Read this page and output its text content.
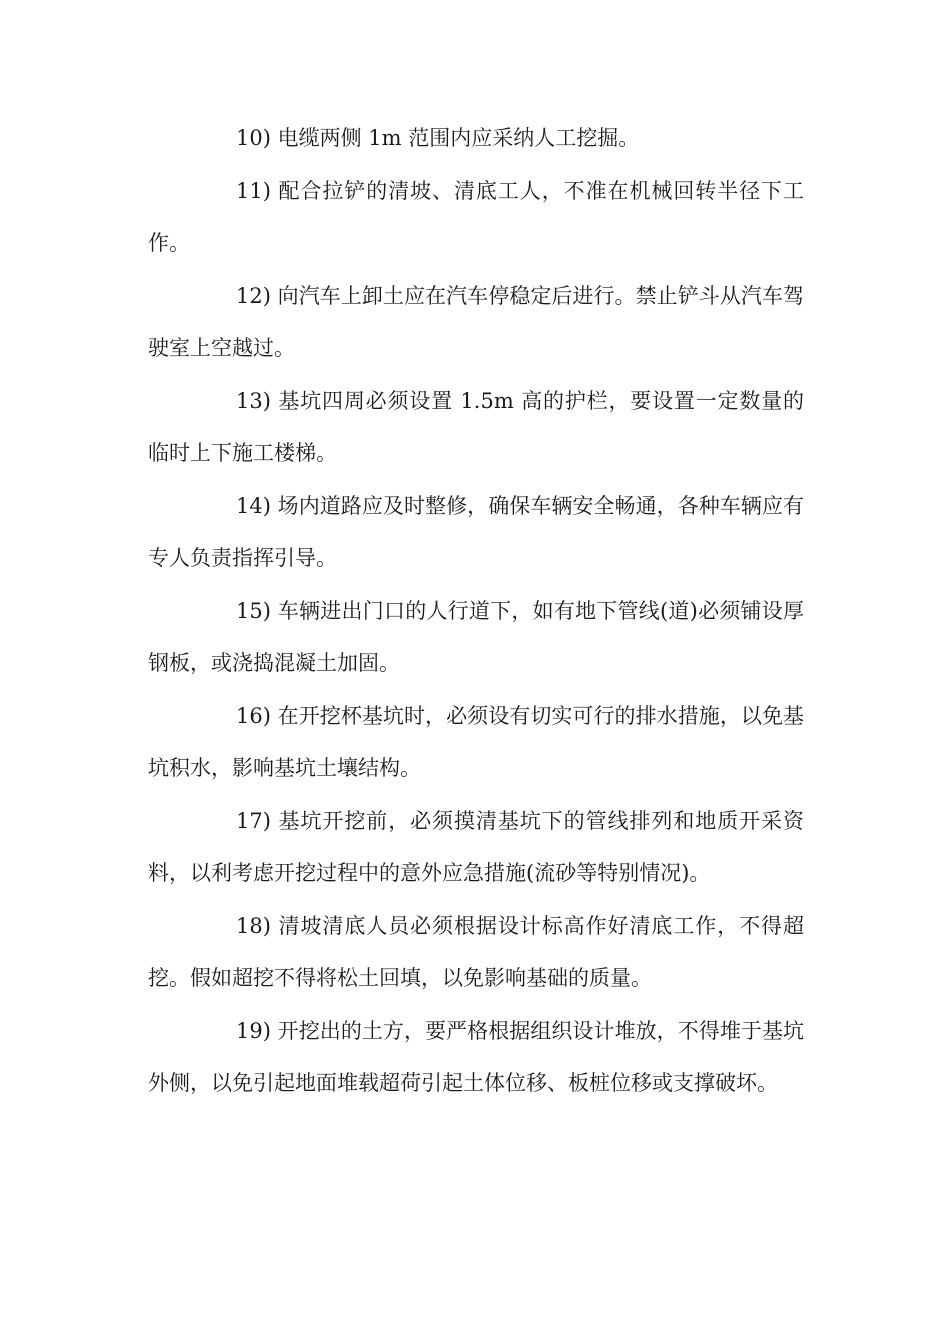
10) 电缆两侧 1m 范围内应采纳人工挖掘。

11) 配合拉铲的清坡、清底工人，不准在机械回转半径下工作。

12) 向汽车上卸土应在汽车停稳定后进行。禁止铲斗从汽车驾驶室上空越过。

13) 基坑四周必须设置 1.5m 高的护栏，要设置一定数量的临时上下施工楼梯。

14) 场内道路应及时整修，确保车辆安全畅通，各种车辆应有专人负责指挥引导。

15) 车辆进出门口的人行道下，如有地下管线(道)必须铺设厚钢板，或浇捣混凝土加固。

16) 在开挖杯基坑时，必须设有切实可行的排水措施，以免基坑积水，影响基坑土壤结构。

17) 基坑开挖前，必须摸清基坑下的管线排列和地质开采资料，以利考虑开挖过程中的意外应急措施(流砂等特别情况)。

18) 清坡清底人员必须根据设计标高作好清底工作，不得超挖。假如超挖不得将松土回填，以免影响基础的质量。

19) 开挖出的土方，要严格根据组织设计堆放，不得堆于基坑外侧，以免引起地面堆载超荷引起土体位移、板桩位移或支撑破坏。
